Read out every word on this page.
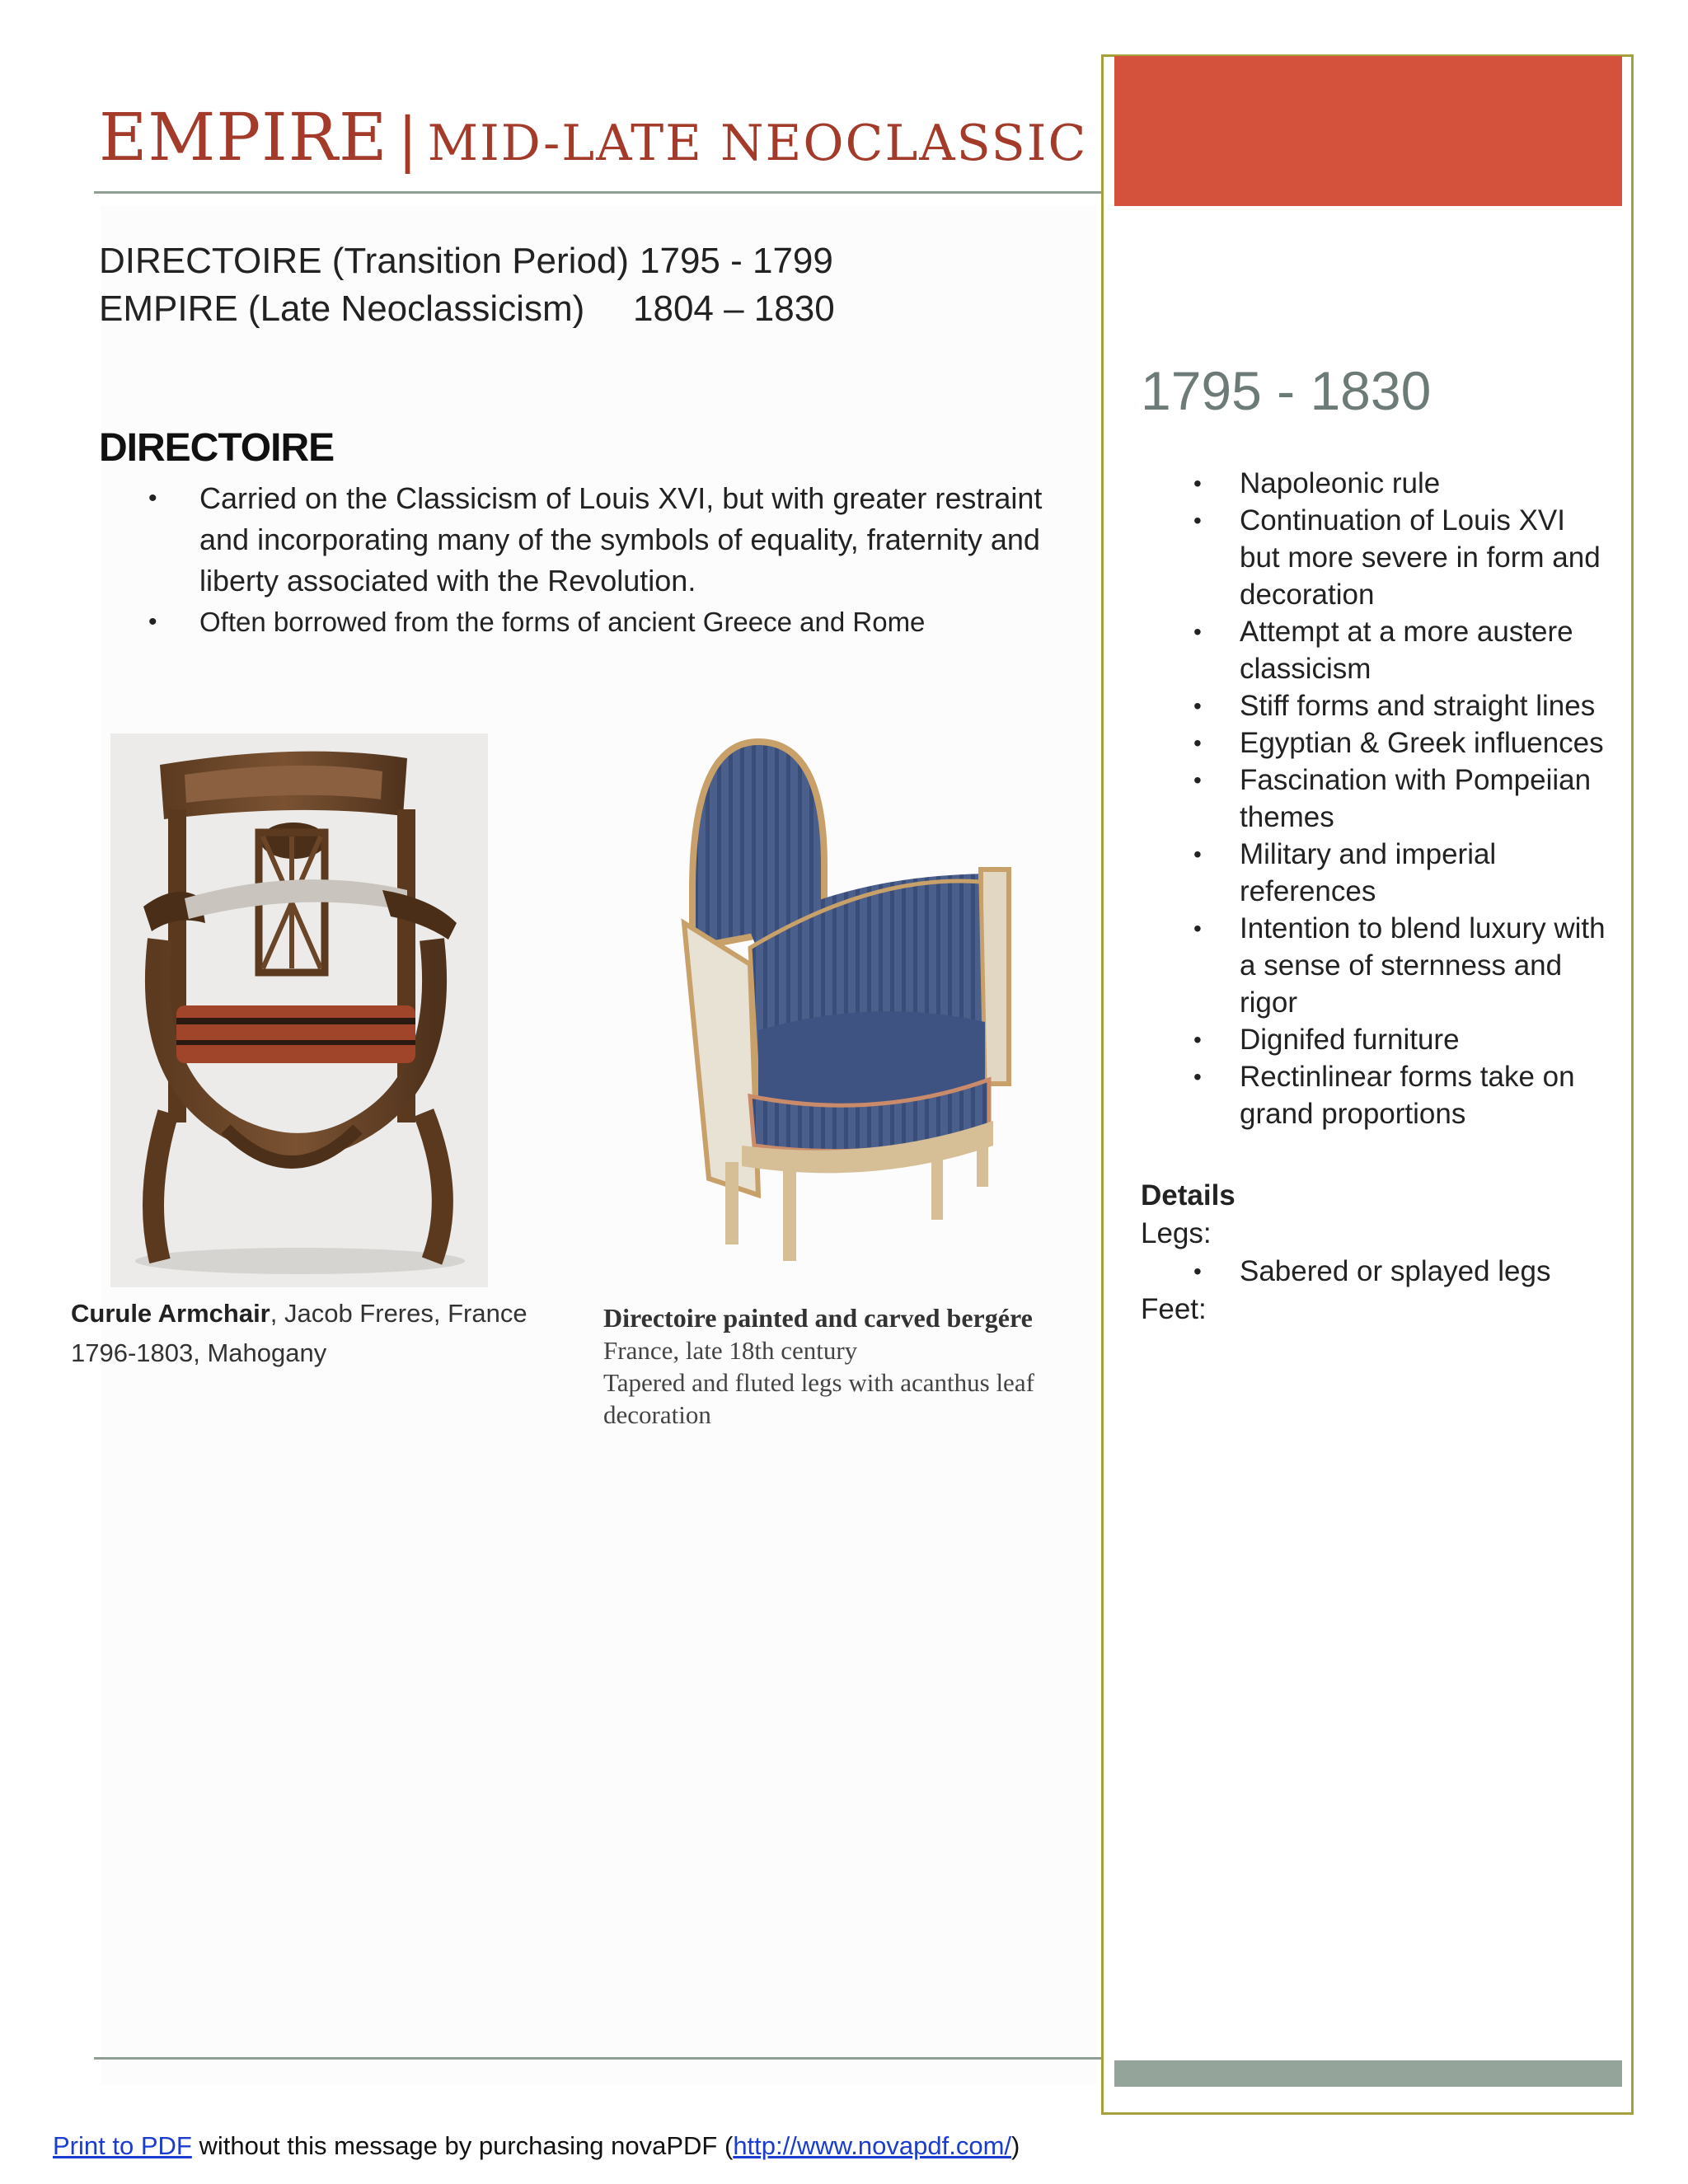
EMPIRE | MID-LATE NEOCLASSIC
DIRECTOIRE (Transition Period) 1795 - 1799
EMPIRE (Late Neoclassicism) 1804 – 1830
DIRECTOIRE
• Carried on the Classicism of Louis XVI, but with greater restraint and incorporating many of the symbols of equality, fraternity and liberty associated with the Revolution.
• Often borrowed from the forms of ancient Greece and Rome
Curule Armchair, Jacob Freres, France
1796-1803, Mahogany
Directoire painted and carved bergére
France, late 18th century
Tapered and fluted legs with acanthus leaf decoration
1795 - 1830
• Napoleonic rule
• Continuation of Louis XVI but more severe in form and decoration
• Attempt at a more austere classicism
• Stiff forms and straight lines
• Egyptian & Greek influences
• Fascination with Pompeiian themes
• Military and imperial references
• Intention to blend luxury with a sense of sternness and rigor
• Dignifed furniture
• Rectinlinear forms take on grand proportions
Details
Legs:
• Sabered or splayed legs
Feet:
Print to PDF without this message by purchasing novaPDF (http://www.novapdf.com/)
